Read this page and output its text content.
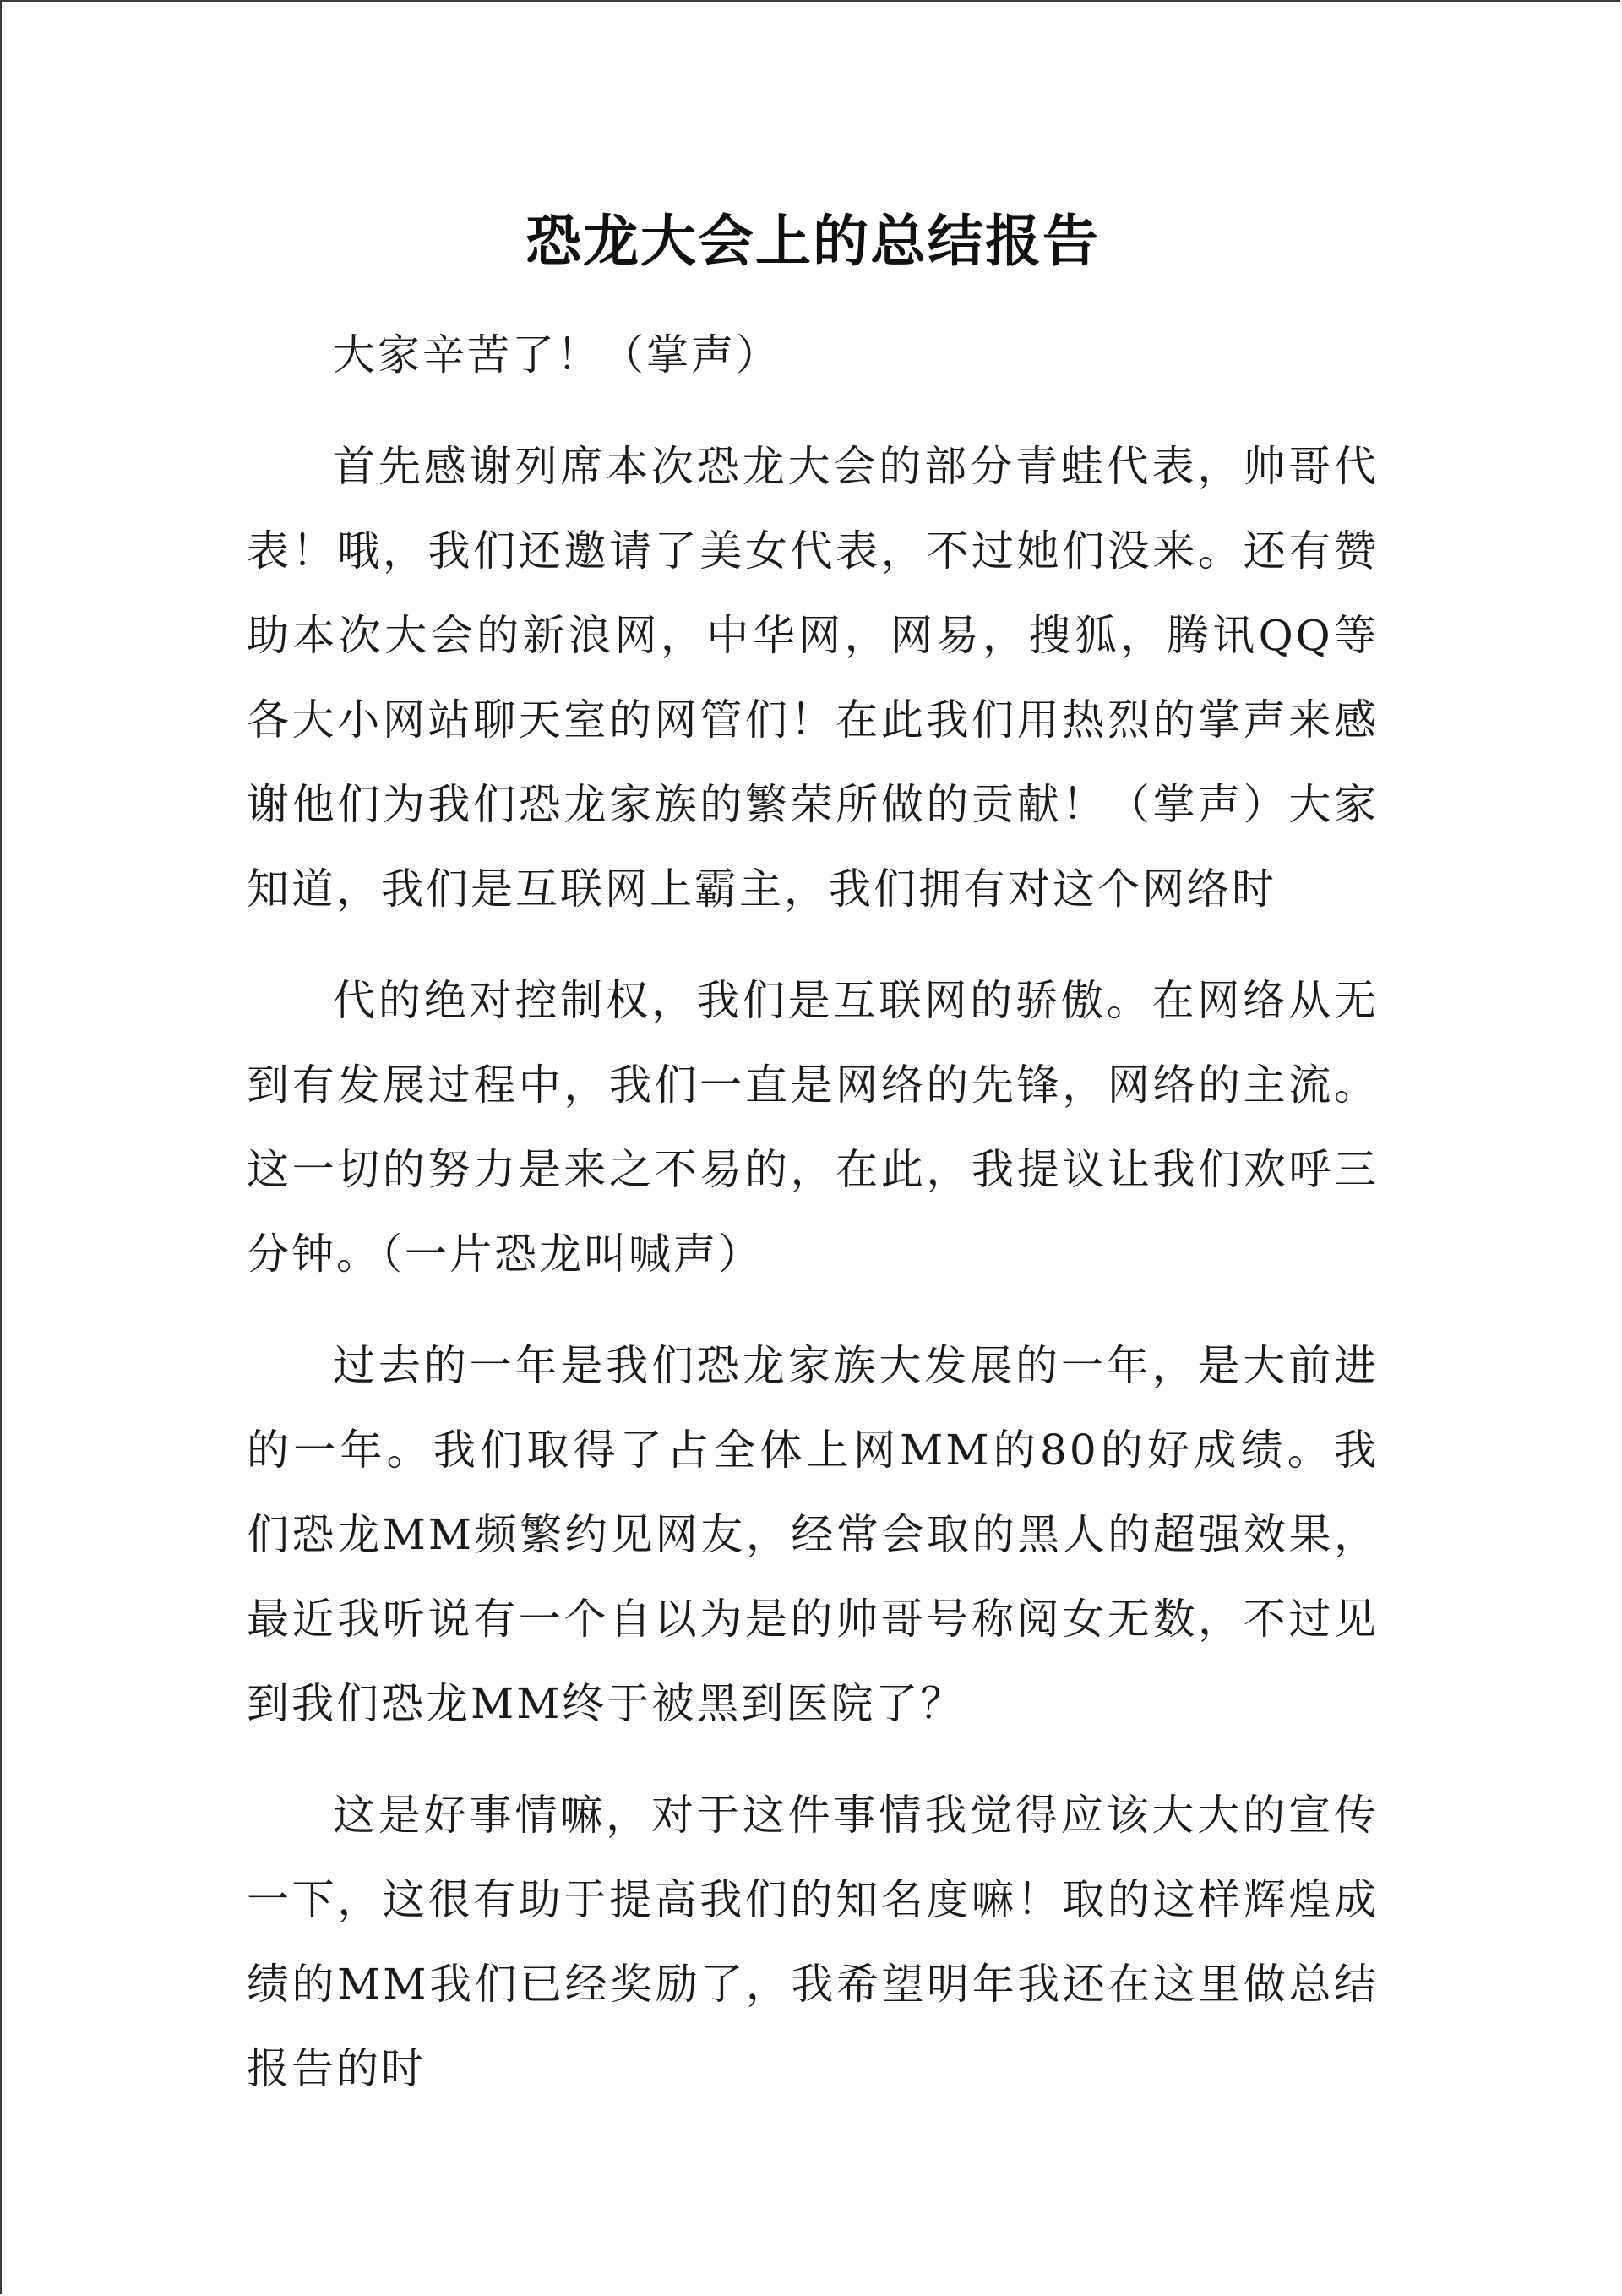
恐龙大会上的总结报告

大家辛苦了！（掌声）

首先感谢列席本次恐龙大会的部分青蛙代表，帅哥代表！哦，我们还邀请了美女代表，不过她们没来。还有赞助本次大会的新浪网，中华网，网易，搜狐，腾讯QQ等各大小网站聊天室的网管们！在此我们用热烈的掌声来感谢他们为我们恐龙家族的繁荣所做的贡献！（掌声）大家知道，我们是互联网上霸主，我们拥有对这个网络时

代的绝对控制权，我们是互联网的骄傲。在网络从无到有发展过程中，我们一直是网络的先锋，网络的主流。这一切的努力是来之不易的，在此，我提议让我们欢呼三分钟。（一片恐龙叫喊声）

过去的一年是我们恐龙家族大发展的一年，是大前进的一年。我们取得了占全体上网MM的80的好成绩。我们恐龙MM频繁约见网友，经常会取的黑人的超强效果，最近我听说有一个自以为是的帅哥号称阅女无数，不过见到我们恐龙MM终于被黑到医院了？

这是好事情嘛，对于这件事情我觉得应该大大的宣传一下，这很有助于提高我们的知名度嘛！取的这样辉煌成绩的MM我们已经奖励了，我希望明年我还在这里做总结报告的时
